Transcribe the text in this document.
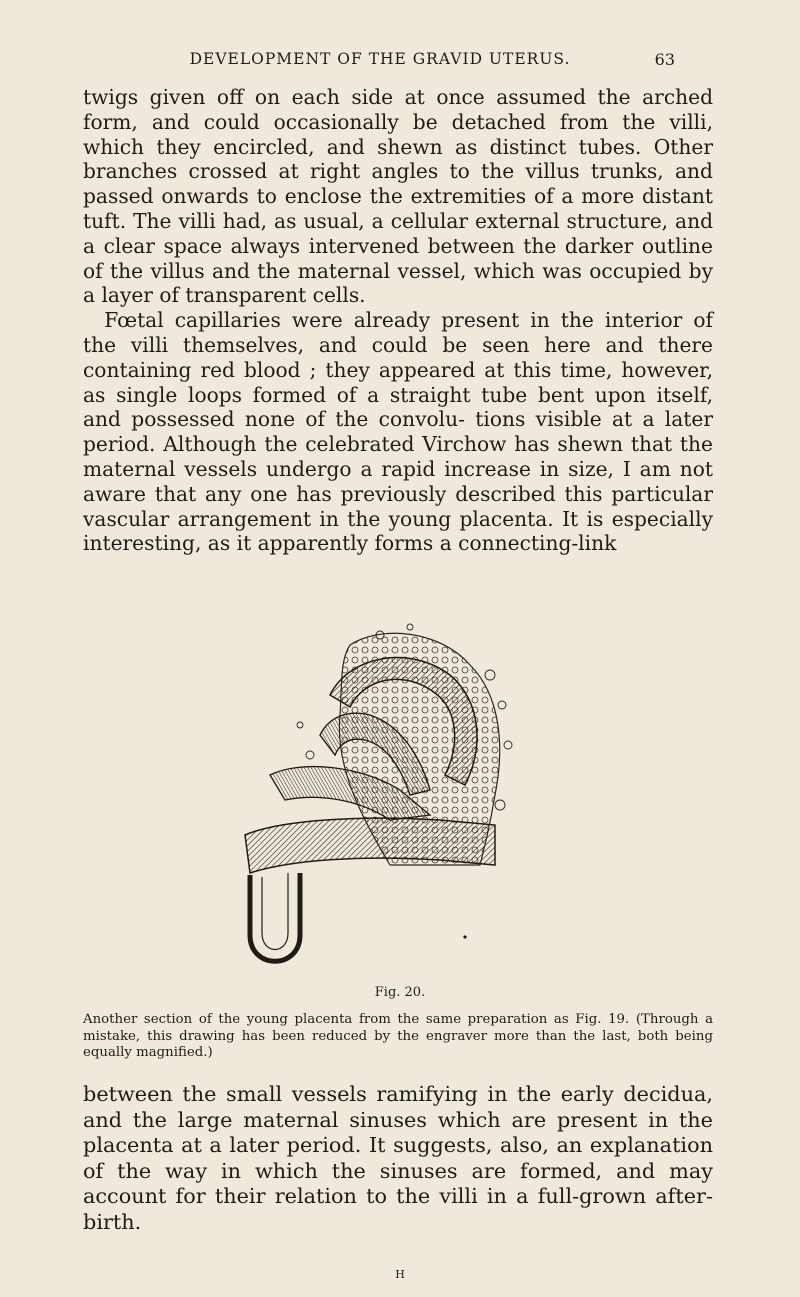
DEVELOPMENT OF THE GRAVID UTERUS.	63

twigs given off on each side at once assumed the arched form, and could occasionally be detached from the villi, which they encircled, and shewn as distinct tubes. Other branches crossed at right angles to the villus trunks, and passed onwards to enclose the extremities of a more distant tuft. The villi had, as usual, a cellular external structure, and a clear space always intervened between the darker outline of the villus and the maternal vessel, which was occupied by a layer of transparent cells.

Fœtal capillaries were already present in the interior of the villi themselves, and could be seen here and there containing red blood ; they appeared at this time, however, as single loops formed of a straight tube bent upon itself, and possessed none of the convolu- tions visible at a later period. Although the celebrated Virchow has shewn that the maternal vessels undergo a rapid increase in size, I am not aware that any one has previously described this particular vascular arrangement in the young placenta. It is especially interesting, as it apparently forms a connecting-link

Fig. 20.

Another section of the young placenta from the same preparation as Fig. 19. (Through a mistake, this drawing has been reduced by the engraver more than the last, both being equally magnified.)

between the small vessels ramifying in the early decidua, and the large maternal sinuses which are present in the placenta at a later period. It suggests, also, an explanation of the way in which the sinuses are formed, and may account for their relation to the villi in a full-grown after-birth.

H
